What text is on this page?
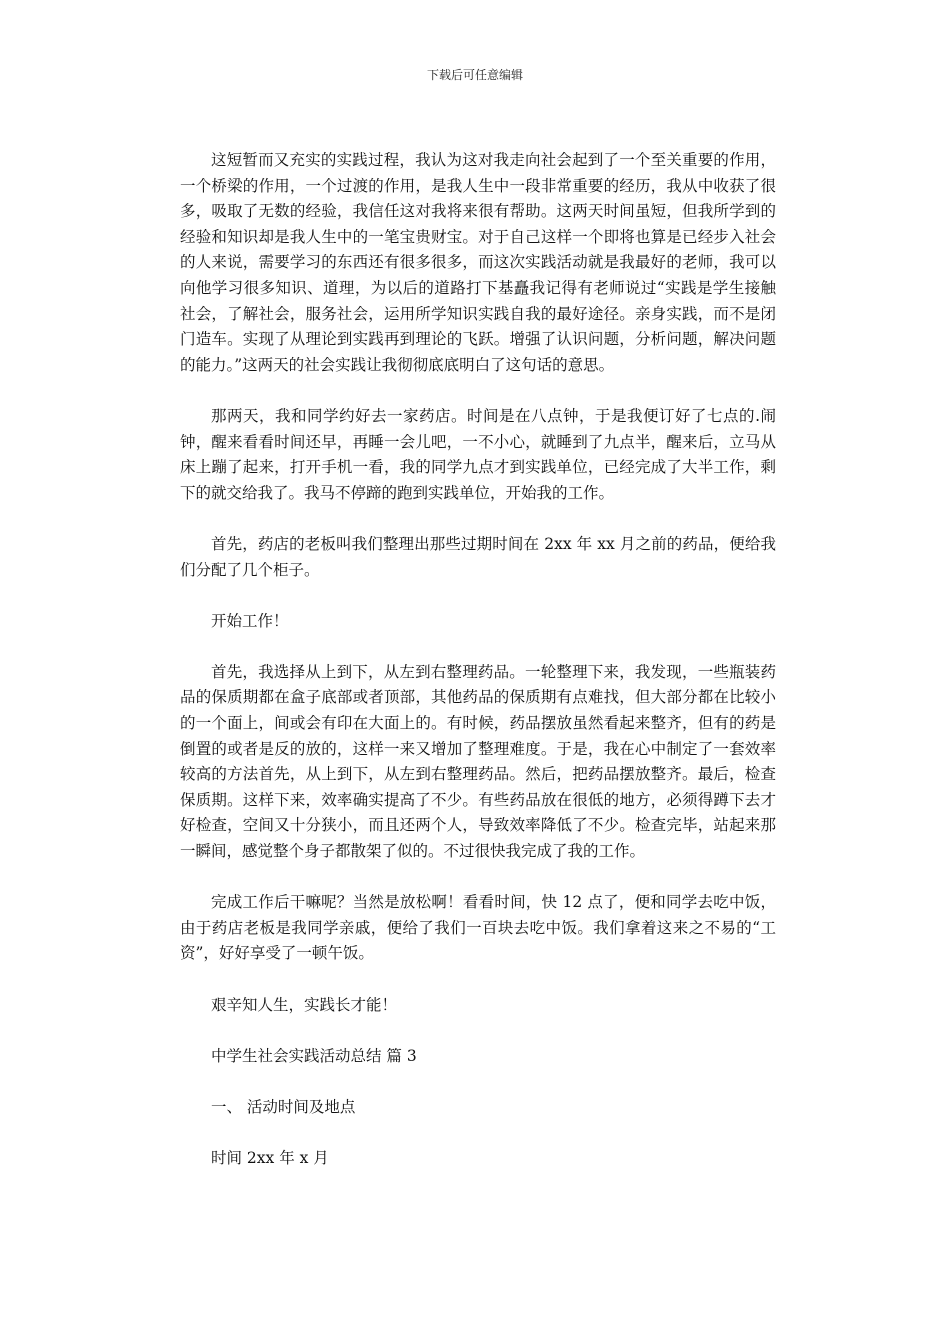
下载后可任意编辑

这短暂而又充实的实践过程，我认为这对我走向社会起到了一个至关重要的作用，一个桥梁的作用，一个过渡的作用，是我人生中一段非常重要的经历，我从中收获了很多，吸取了无数的经验，我信任这对我将来很有帮助。这两天时间虽短，但我所学到的经验和知识却是我人生中的一笔宝贵财宝。对于自己这样一个即将也算是已经步入社会的人来说，需要学习的东西还有很多很多，而这次实践活动就是我最好的老师，我可以向他学习很多知识、道理，为以后的道路打下基矗我记得有老师说过“实践是学生接触社会，了解社会，服务社会，运用所学知识实践自我的最好途径。亲身实践，而不是闭门造车。实现了从理论到实践再到理论的飞跃。增强了认识问题，分析问题，解决问题的能力。”这两天的社会实践让我彻彻底底明白了这句话的意思。

那两天，我和同学约好去一家药店。时间是在八点钟，于是我便订好了七点的.闹钟，醒来看看时间还早，再睡一会儿吧，一不小心，就睡到了九点半，醒来后，立马从床上蹦了起来，打开手机一看，我的同学九点才到实践单位，已经完成了大半工作，剩下的就交给我了。我马不停蹄的跑到实践单位，开始我的工作。

首先，药店的老板叫我们整理出那些过期时间在 2xx 年 xx 月之前的药品，便给我们分配了几个柜子。

开始工作！

首先，我选择从上到下，从左到右整理药品。一轮整理下来，我发现，一些瓶装药品的保质期都在盒子底部或者顶部，其他药品的保质期有点难找，但大部分都在比较小的一个面上，间或会有印在大面上的。有时候，药品摆放虽然看起来整齐，但有的药是倒置的或者是反的放的，这样一来又增加了整理难度。于是，我在心中制定了一套效率较高的方法首先，从上到下，从左到右整理药品。然后，把药品摆放整齐。最后，检查保质期。这样下来，效率确实提高了不少。有些药品放在很低的地方，必须得蹲下去才好检查，空间又十分狭小，而且还两个人，导致效率降低了不少。检查完毕，站起来那一瞬间，感觉整个身子都散架了似的。不过很快我完成了我的工作。

完成工作后干嘛呢？当然是放松啊！看看时间，快 12 点了，便和同学去吃中饭，由于药店老板是我同学亲戚，便给了我们一百块去吃中饭。我们拿着这来之不易的“工资”，好好享受了一顿午饭。

艰辛知人生，实践长才能！

中学生社会实践活动总结 篇 3

一、 活动时间及地点

时间 2xx 年 x 月
